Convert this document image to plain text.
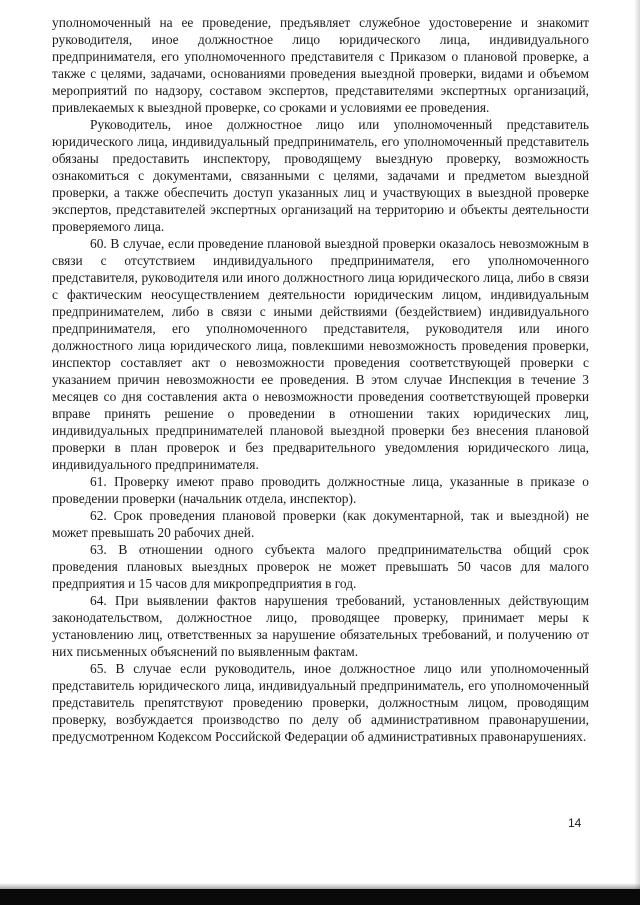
уполномоченный на ее проведение, предъявляет служебное удостоверение и знакомит руководителя, иное должностное лицо юридического лица, индивидуального предпринимателя, его уполномоченного представителя с Приказом о плановой проверке, а также с целями, задачами, основаниями проведения выездной проверки, видами и объемом мероприятий по надзору, составом экспертов, представителями экспертных организаций, привлекаемых к выездной проверке, со сроками и условиями ее проведения.

Руководитель, иное должностное лицо или уполномоченный представитель юридического лица, индивидуальный предприниматель, его уполномоченный представитель обязаны предоставить инспектору, проводящему выездную проверку, возможность ознакомиться с документами, связанными с целями, задачами и предметом выездной проверки, а также обеспечить доступ указанных лиц и участвующих в выездной проверке экспертов, представителей экспертных организаций на территорию и объекты деятельности проверяемого лица.

60. В случае, если проведение плановой выездной проверки оказалось невозможным в связи с отсутствием индивидуального предпринимателя, его уполномоченного представителя, руководителя или иного должностного лица юридического лица, либо в связи с фактическим неосуществлением деятельности юридическим лицом, индивидуальным предпринимателем, либо в связи с иными действиями (бездействием) индивидуального предпринимателя, его уполномоченного представителя, руководителя или иного должностного лица юридического лица, повлекшими невозможность проведения проверки, инспектор составляет акт о невозможности проведения соответствующей проверки с указанием причин невозможности ее проведения. В этом случае Инспекция в течение 3 месяцев со дня составления акта о невозможности проведения соответствующей проверки вправе принять решение о проведении в отношении таких юридических лиц, индивидуальных предпринимателей плановой выездной проверки без внесения плановой проверки в план проверок и без предварительного уведомления юридического лица, индивидуального предпринимателя.

61. Проверку имеют право проводить должностные лица, указанные в приказе о проведении проверки (начальник отдела, инспектор).

62. Срок проведения плановой проверки (как документарной, так и выездной) не может превышать 20 рабочих дней.

63. В отношении одного субъекта малого предпринимательства общий срок проведения плановых выездных проверок не может превышать 50 часов для малого предприятия и 15 часов для микропредприятия в год.

64. При выявлении фактов нарушения требований, установленных действующим законодательством, должностное лицо, проводящее проверку, принимает меры к установлению лиц, ответственных за нарушение обязательных требований, и получению от них письменных объяснений по выявленным фактам.

65. В случае если руководитель, иное должностное лицо или уполномоченный представитель юридического лица, индивидуальный предприниматель, его уполномоченный представитель препятствуют проведению проверки, должностным лицом, проводящим проверку, возбуждается производство по делу об административном правонарушении, предусмотренном Кодексом Российской Федерации об административных правонарушениях.

14
